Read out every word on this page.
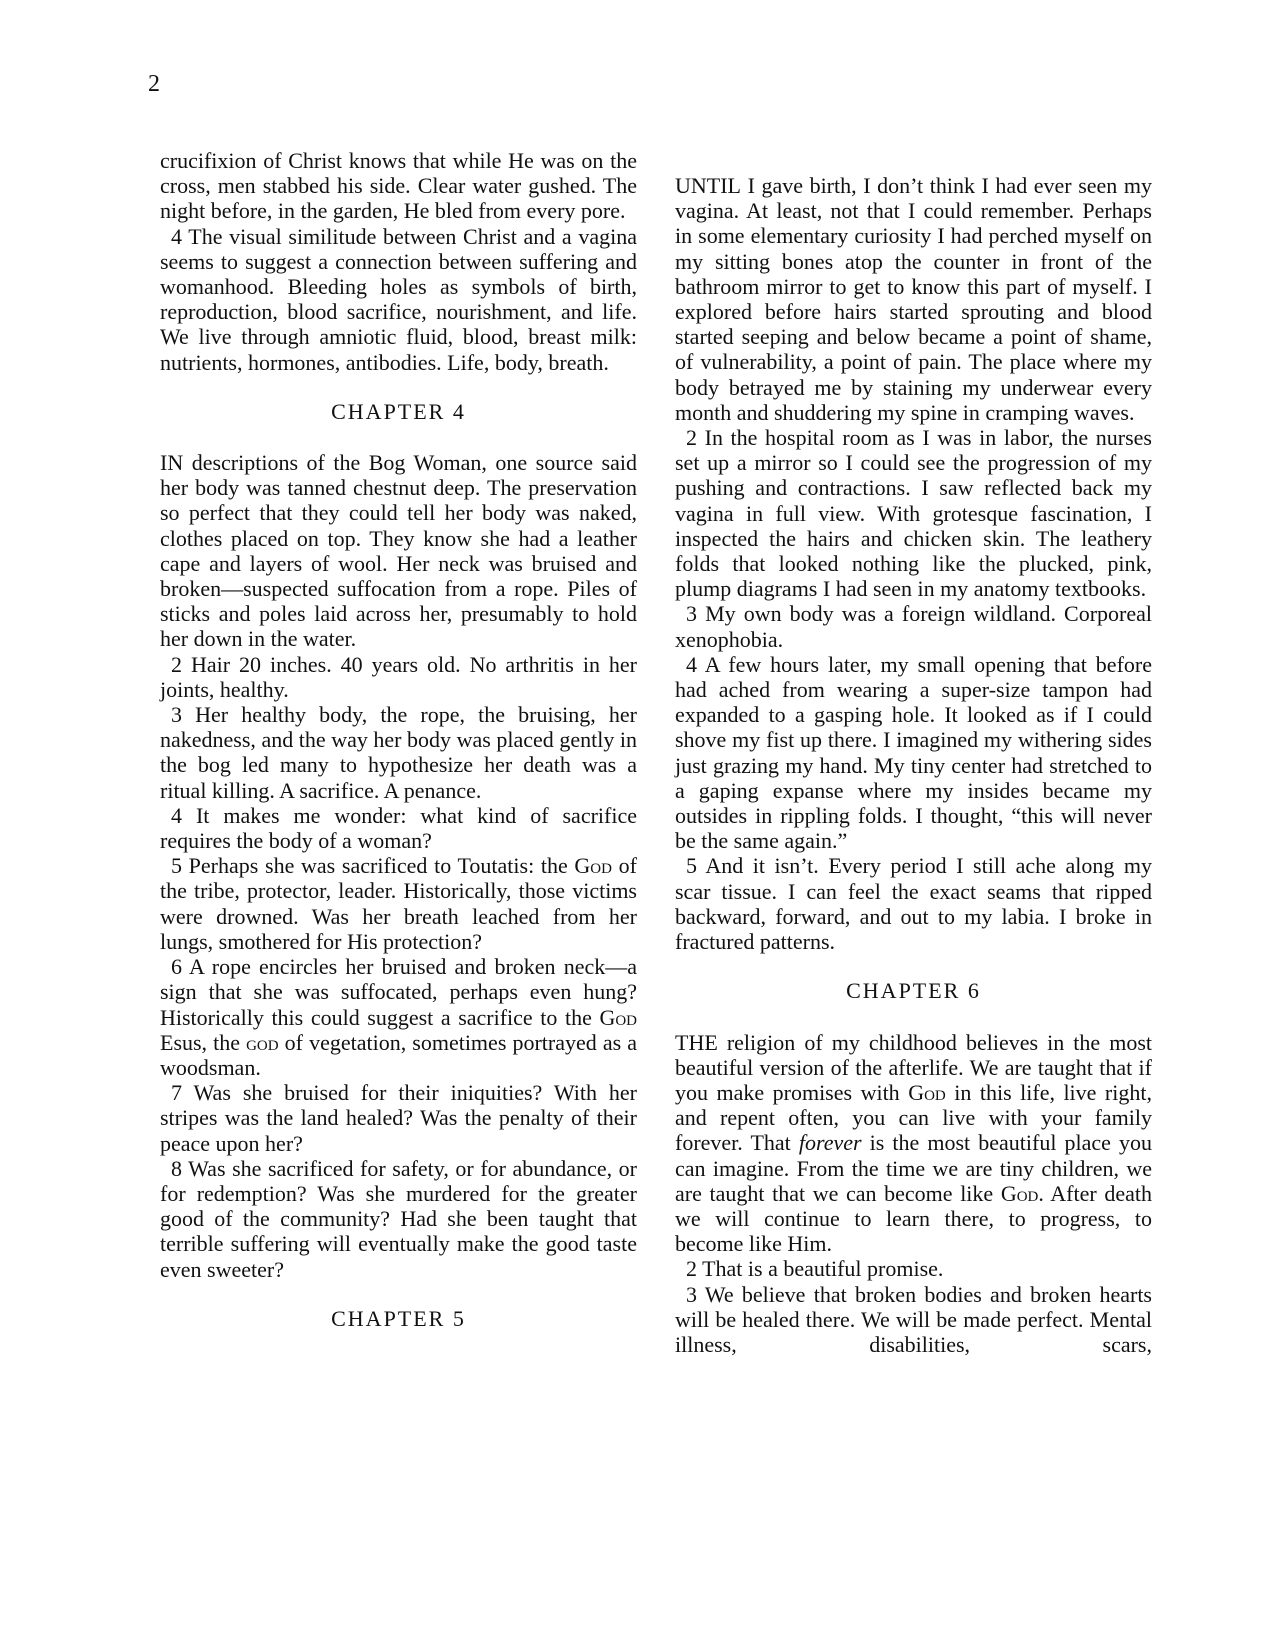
2

crucifixion of Christ knows that while He was on the cross, men stabbed his side. Clear water gushed. The night before, in the garden, He bled from every pore.

4 The visual similitude between Christ and a vagina seems to suggest a connection between suffering and womanhood. Bleeding holes as symbols of birth, reproduction, blood sacrifice, nourishment, and life. We live through amniotic fluid, blood, breast milk: nutrients, hormones, antibodies. Life, body, breath.

CHAPTER 4

IN descriptions of the Bog Woman, one source said her body was tanned chestnut deep. The preservation so perfect that they could tell her body was naked, clothes placed on top. They know she had a leather cape and layers of wool. Her neck was bruised and broken—suspected suffocation from a rope. Piles of sticks and poles laid across her, presumably to hold her down in the water.

2 Hair 20 inches. 40 years old. No arthritis in her joints, healthy.

3 Her healthy body, the rope, the bruising, her nakedness, and the way her body was placed gently in the bog led many to hypothesize her death was a ritual killing. A sacrifice. A penance.

4 It makes me wonder: what kind of sacrifice requires the body of a woman?

5 Perhaps she was sacrificed to Toutatis: the God of the tribe, protector, leader. Historically, those victims were drowned. Was her breath leached from her lungs, smothered for His protection?

6 A rope encircles her bruised and broken neck—a sign that she was suffocated, perhaps even hung? Historically this could suggest a sacrifice to the God Esus, the god of vegetation, sometimes portrayed as a woodsman.

7 Was she bruised for their iniquities? With her stripes was the land healed? Was the penalty of their peace upon her?

8 Was she sacrificed for safety, or for abundance, or for redemption? Was she murdered for the greater good of the community? Had she been taught that terrible suffering will eventually make the good taste even sweeter?

CHAPTER 5

UNTIL I gave birth, I don’t think I had ever seen my vagina. At least, not that I could remember. Perhaps in some elementary curiosity I had perched myself on my sitting bones atop the counter in front of the bathroom mirror to get to know this part of myself. I explored before hairs started sprouting and blood started seeping and below became a point of shame, of vulnerability, a point of pain. The place where my body betrayed me by staining my underwear every month and shuddering my spine in cramping waves.

2 In the hospital room as I was in labor, the nurses set up a mirror so I could see the progression of my pushing and contractions. I saw reflected back my vagina in full view. With grotesque fascination, I inspected the hairs and chicken skin. The leathery folds that looked nothing like the plucked, pink, plump diagrams I had seen in my anatomy textbooks.

3 My own body was a foreign wildland. Corporeal xenophobia.

4 A few hours later, my small opening that before had ached from wearing a super-size tampon had expanded to a gasping hole. It looked as if I could shove my fist up there. I imagined my withering sides just grazing my hand. My tiny center had stretched to a gaping expanse where my insides became my outsides in rippling folds. I thought, “this will never be the same again.”

5 And it isn’t. Every period I still ache along my scar tissue. I can feel the exact seams that ripped backward, forward, and out to my labia. I broke in fractured patterns.

CHAPTER 6

THE religion of my childhood believes in the most beautiful version of the afterlife. We are taught that if you make promises with God in this life, live right, and repent often, you can live with your family forever. That forever is the most beautiful place you can imagine. From the time we are tiny children, we are taught that we can become like God. After death we will continue to learn there, to progress, to become like Him.

2 That is a beautiful promise.

3 We believe that broken bodies and broken hearts will be healed there. We will be made perfect. Mental illness, disabilities, scars,
